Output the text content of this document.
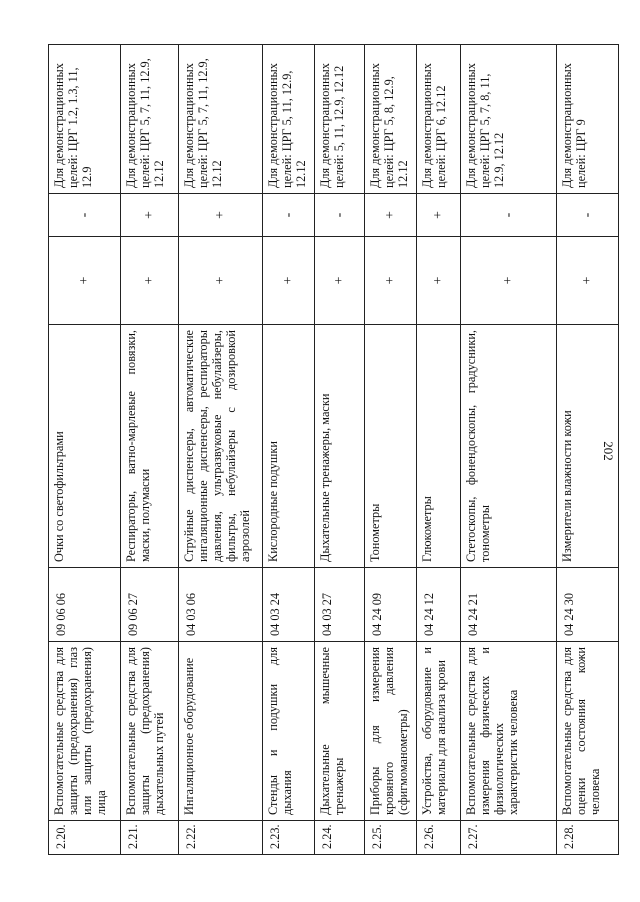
202
2.20.	Вспомогательные средства для защиты (предохранения) глаз или защиты (предохранения) лица	09 06 06	Очки со светофильтрами	+	-	Для демонстрационных целей: ЦРГ 1.2, 1.3, 11, 12.9
2.21.	Вспомогательные средства для защиты (предохранения) дыхательных путей	09 06 27	Респираторы, ватно-марлевые повязки, маски, полумаски	+	+	Для демонстрационных целей: ЦРГ 5, 7, 11, 12.9, 12.12
2.22.	Ингаляционное оборудование	04 03 06	Струйные диспенсеры, автоматические ингаляционные диспенсеры, респираторы давления, ультразвуковые небулайзеры, фильтры, небулайзеры с дозировкой аэрозолей	+	+	Для демонстрационных целей: ЦРГ 5, 7, 11, 12.9, 12.12
2.23.	Стенды и подушки для дыхания	04 03 24	Кислородные подушки	+	-	Для демонстрационных целей: ЦРГ 5, 11, 12.9, 12.12
2.24.	Дыхательные мышечные тренажеры	04 03 27	Дыхательные тренажеры, маски	+	-	Для демонстрационных целей: 5, 11, 12.9, 12.12
2.25.	Приборы для измерения кровяного давления (сфигмоманометры)	04 24 09	Тонометры	+	+	Для демонстрационных целей: ЦРГ 5, 8, 12.9, 12.12
2.26.	Устройства, оборудование и материалы для анализа крови	04 24 12	Глюкометры	+	+	Для демонстрационных целей: ЦРГ 6, 12.12
2.27.	Вспомогательные средства для измерения физических и физиологических характеристик человека	04 24 21	Стетоскопы, фонендоскопы, градусники, тонометры	+	-	Для демонстрационных целей: ЦРГ 5, 7, 8, 11, 12.9, 12.12
2.28.	Вспомогательные средства для оценки состояния кожи человека	04 24 30	Измерители влажности кожи	+	-	Для демонстрационных целей: ЦРГ 9
